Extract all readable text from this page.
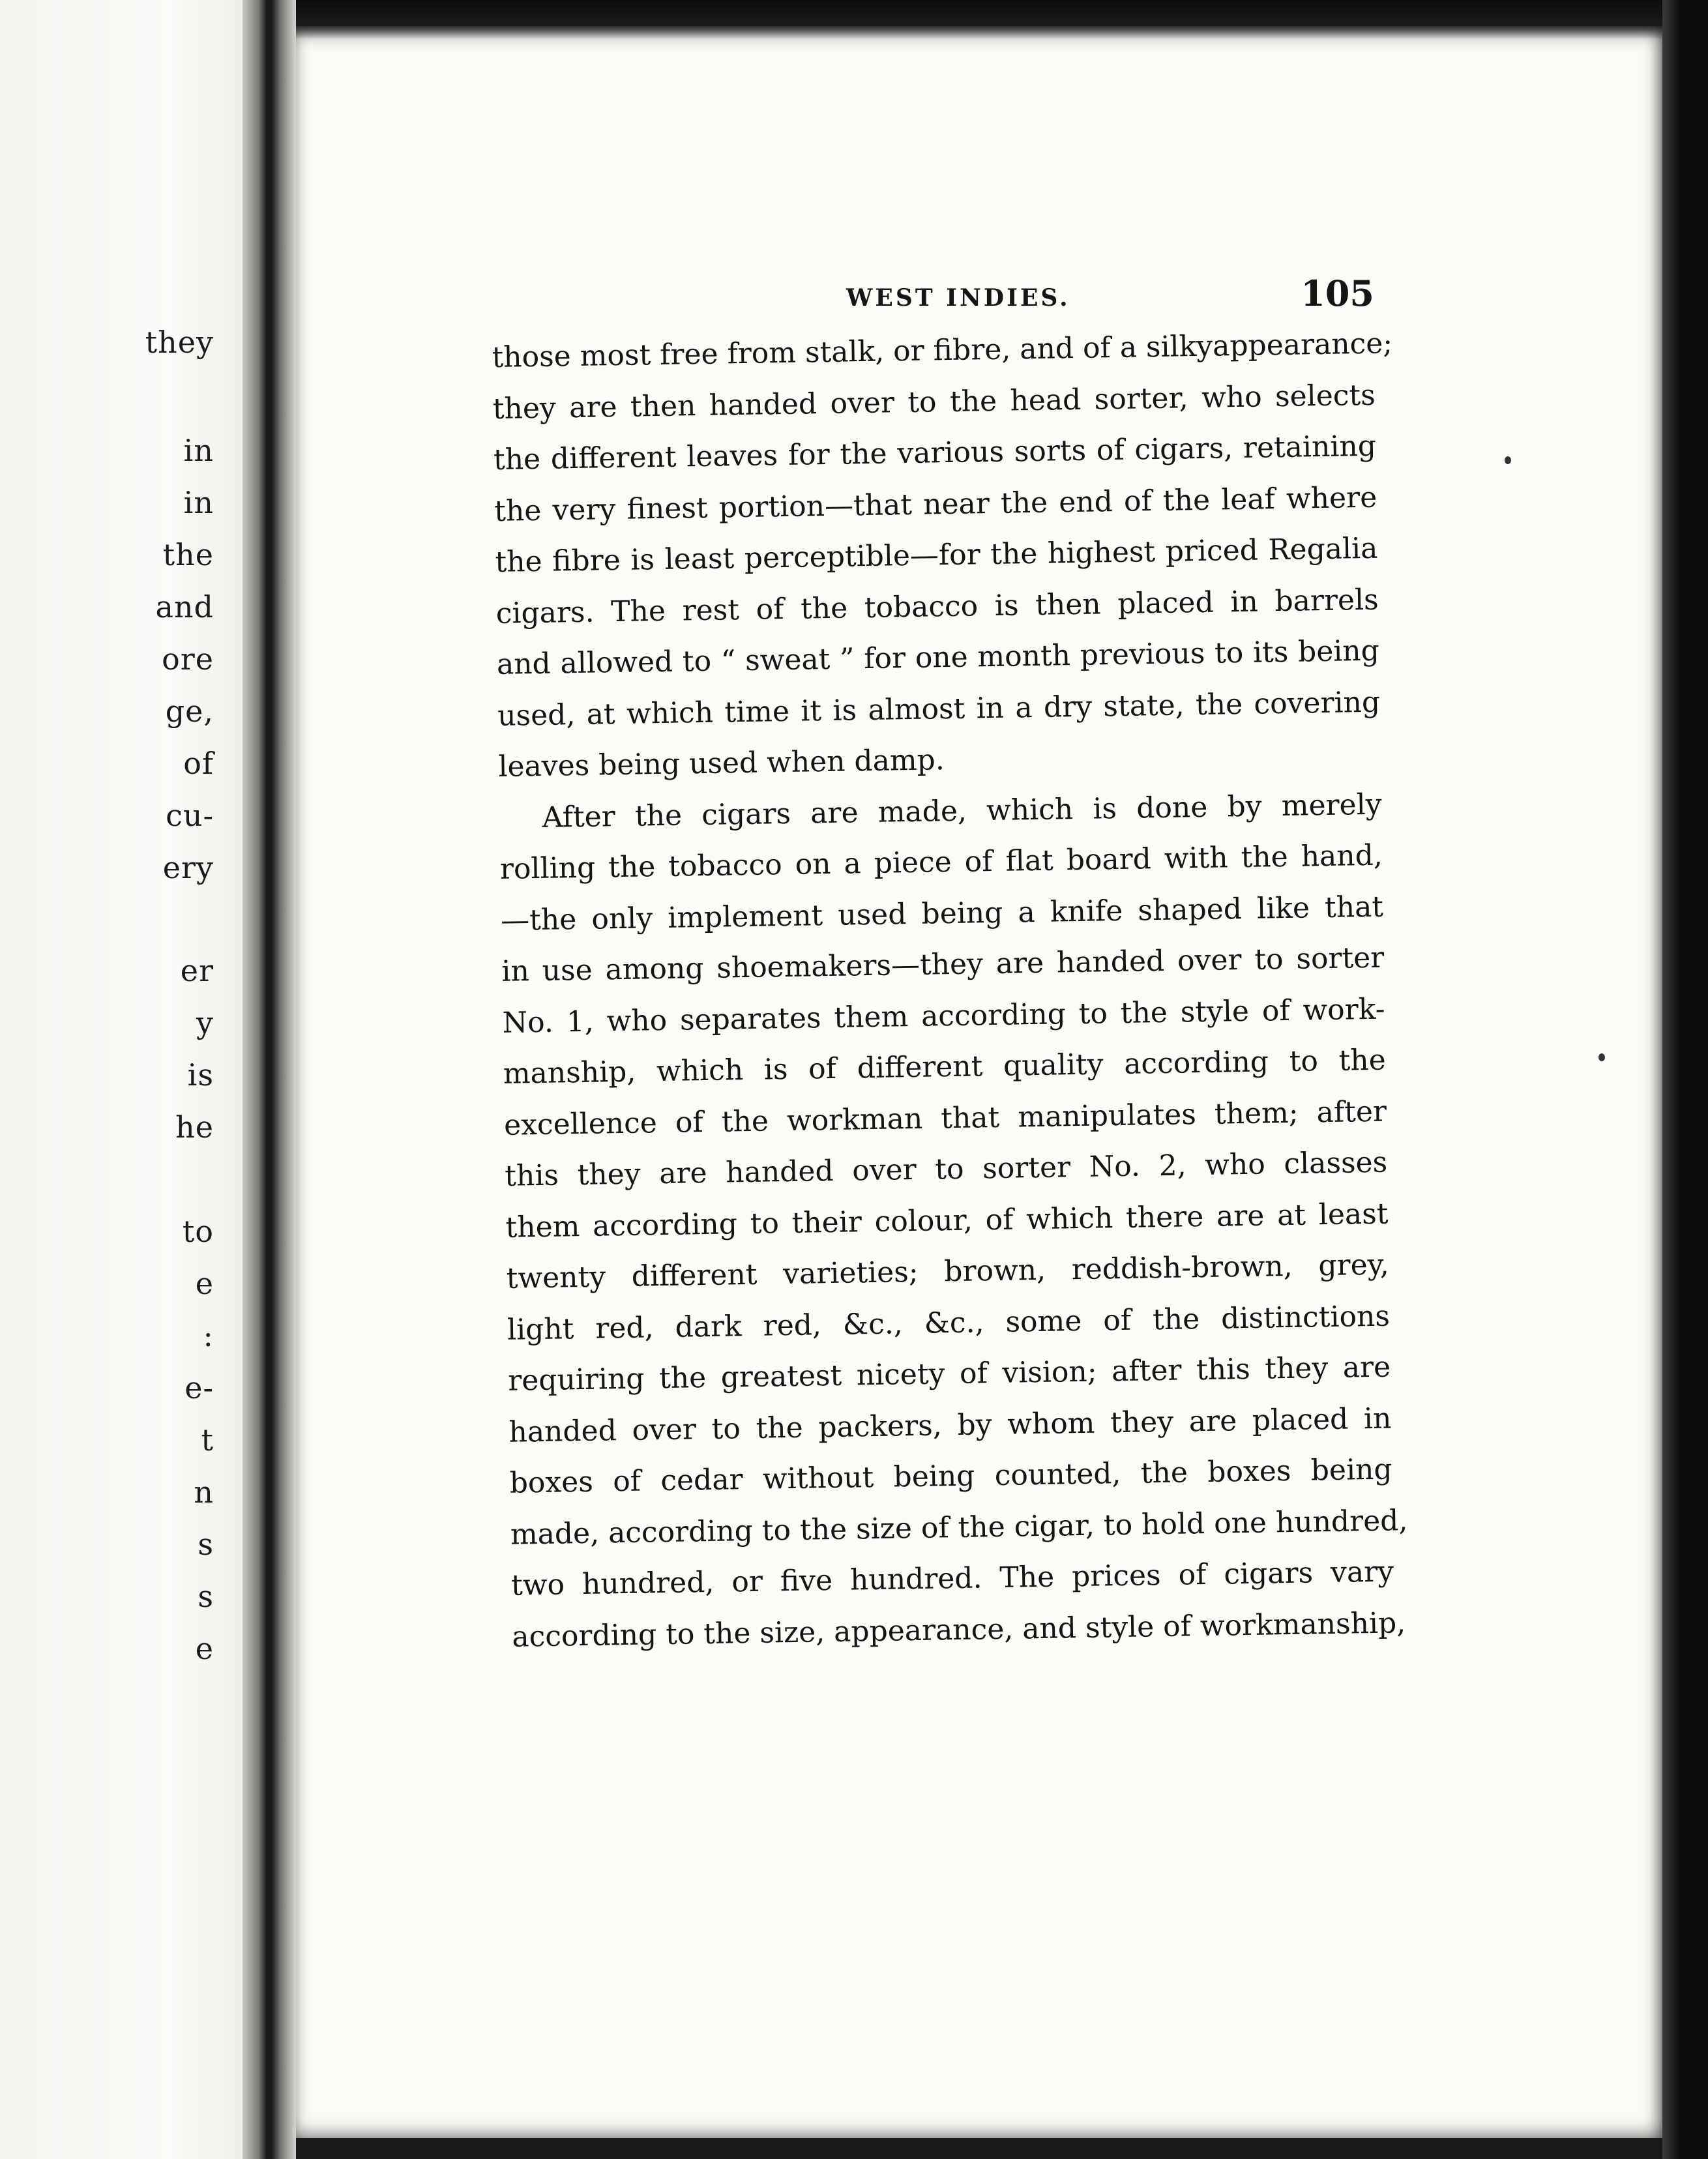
they
in
in
the
and
ore
ge,
of
cu-
ery
er
y
is
he
to
e
:
e-
t
n
s
s
e
WEST INDIES.	105
those most free from stalk, or fibre, and of a silkyappearance;
they are then handed over to the head sorter, who selects
the different leaves for the various sorts of cigars, retaining
the very finest portion—that near the end of the leaf where
the fibre is least perceptible—for the highest priced Regalia
cigars. The rest of the tobacco is then placed in barrels
and allowed to “ sweat ” for one month previous to its being
used, at which time it is almost in a dry state, the covering
leaves being used when damp.
After the cigars are made, which is done by merely
rolling the tobacco on a piece of flat board with the hand,
—the only implement used being a knife shaped like that
in use among shoemakers—they are handed over to sorter
No. 1, who separates them according to the style of work-
manship, which is of different quality according to the
excellence of the workman that manipulates them; after
this they are handed over to sorter No. 2, who classes
them according to their colour, of which there are at least
twenty different varieties; brown, reddish-brown, grey,
light red, dark red, &c., &c., some of the distinctions
requiring the greatest nicety of vision; after this they are
handed over to the packers, by whom they are placed in
boxes of cedar without being counted, the boxes being
made, according to the size of the cigar, to hold one hundred,
two hundred, or five hundred. The prices of cigars vary
according to the size, appearance, and style of workmanship,
